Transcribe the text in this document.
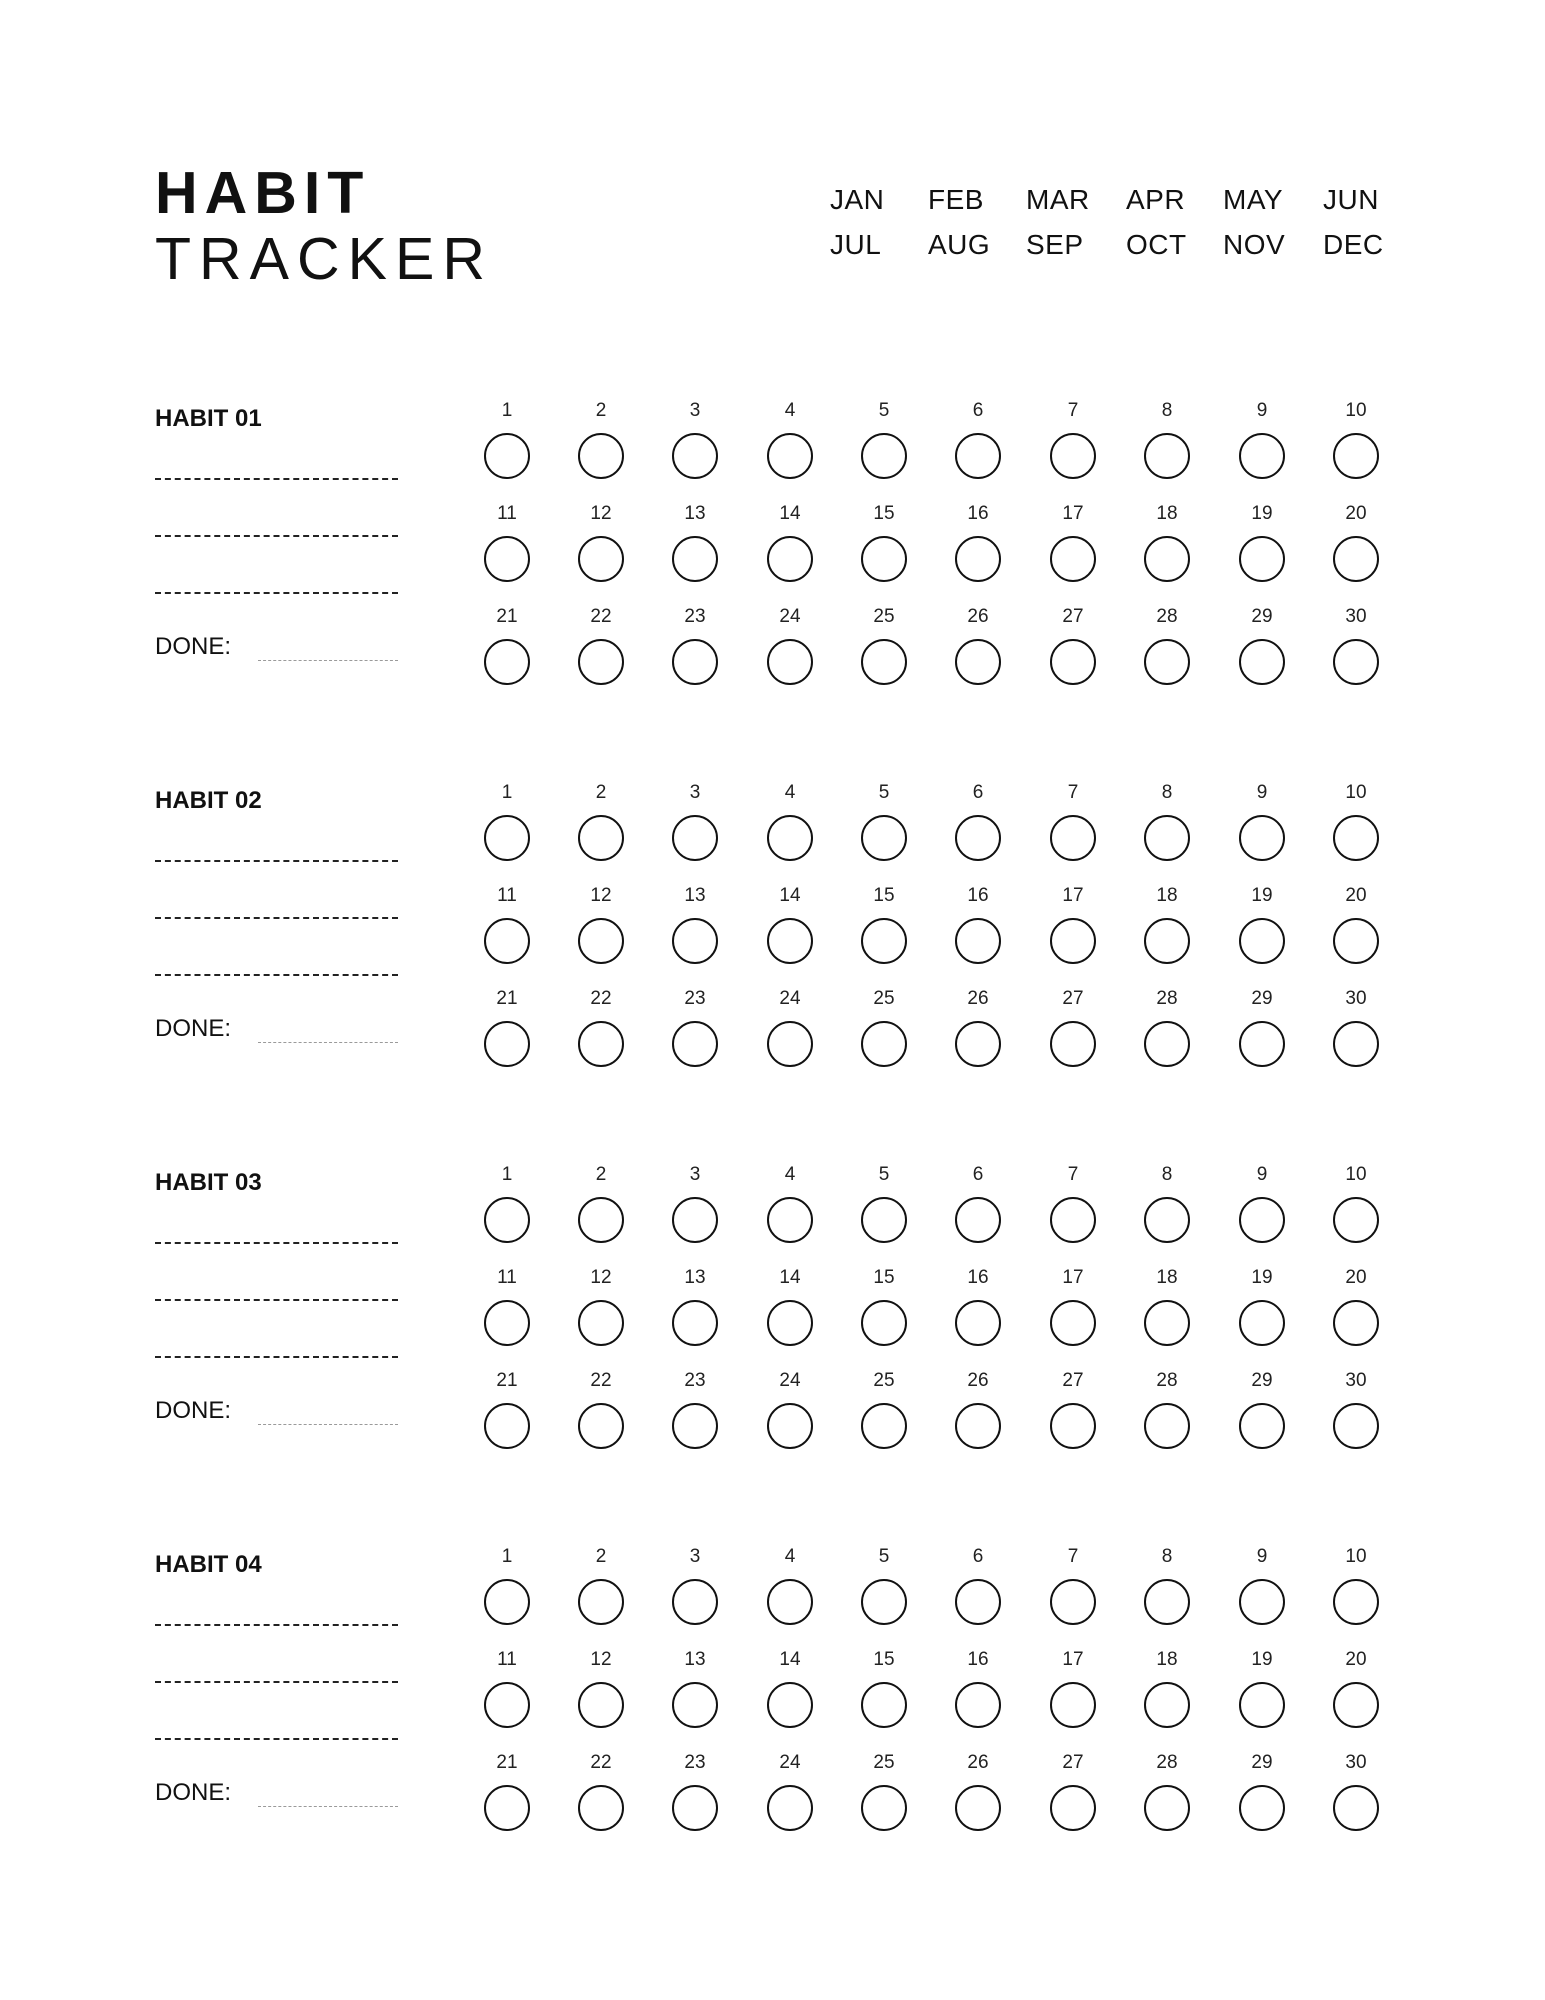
HABIT
TRACKER
JAN FEB MAR APR MAY JUN
JUL AUG SEP OCT NOV DEC
HABIT 01
DONE:
1	2	3	4	5	6	7	8	9	10
11	12	13	14	15	16	17	18	19	20
21	22	23	24	25	26	27	28	29	30
HABIT 02
DONE:
1	2	3	4	5	6	7	8	9	10
11	12	13	14	15	16	17	18	19	20
21	22	23	24	25	26	27	28	29	30
HABIT 03
DONE:
1	2	3	4	5	6	7	8	9	10
11	12	13	14	15	16	17	18	19	20
21	22	23	24	25	26	27	28	29	30
HABIT 04
DONE:
1	2	3	4	5	6	7	8	9	10
11	12	13	14	15	16	17	18	19	20
21	22	23	24	25	26	27	28	29	30
